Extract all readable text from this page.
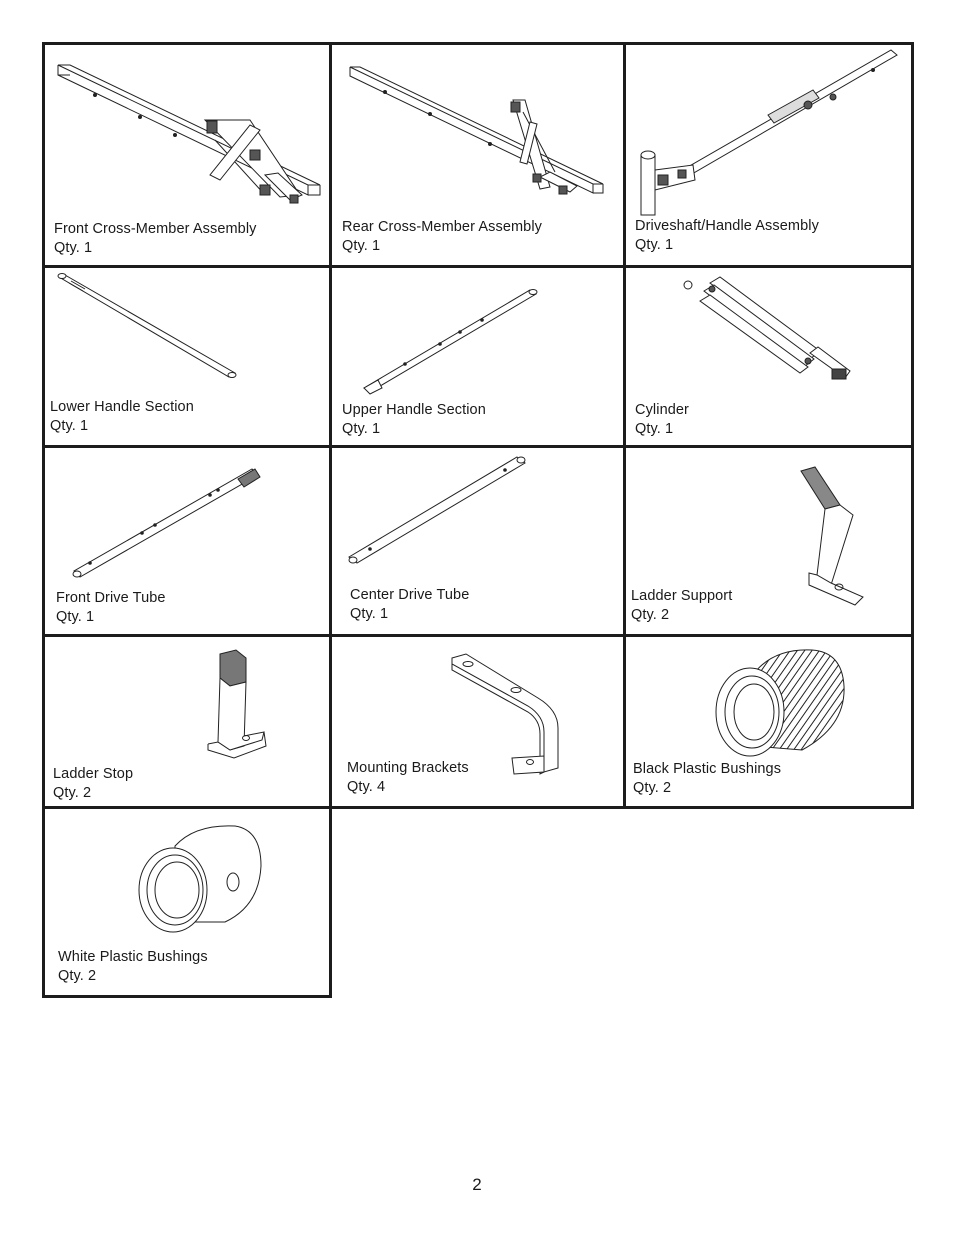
Front Cross-Member Assembly
Qty. 1
Rear Cross-Member Assembly
Qty. 1
Driveshaft/Handle Assembly
Qty. 1
Lower Handle Section
Qty. 1
Upper Handle Section
Qty. 1
Cylinder
Qty. 1
Front Drive Tube
Qty. 1
Center Drive Tube
Qty. 1
Ladder Support
Qty. 2
Ladder Stop
Qty. 2
Mounting Brackets
Qty. 4
Black Plastic Bushings
Qty. 2
White Plastic Bushings
Qty. 2
2
